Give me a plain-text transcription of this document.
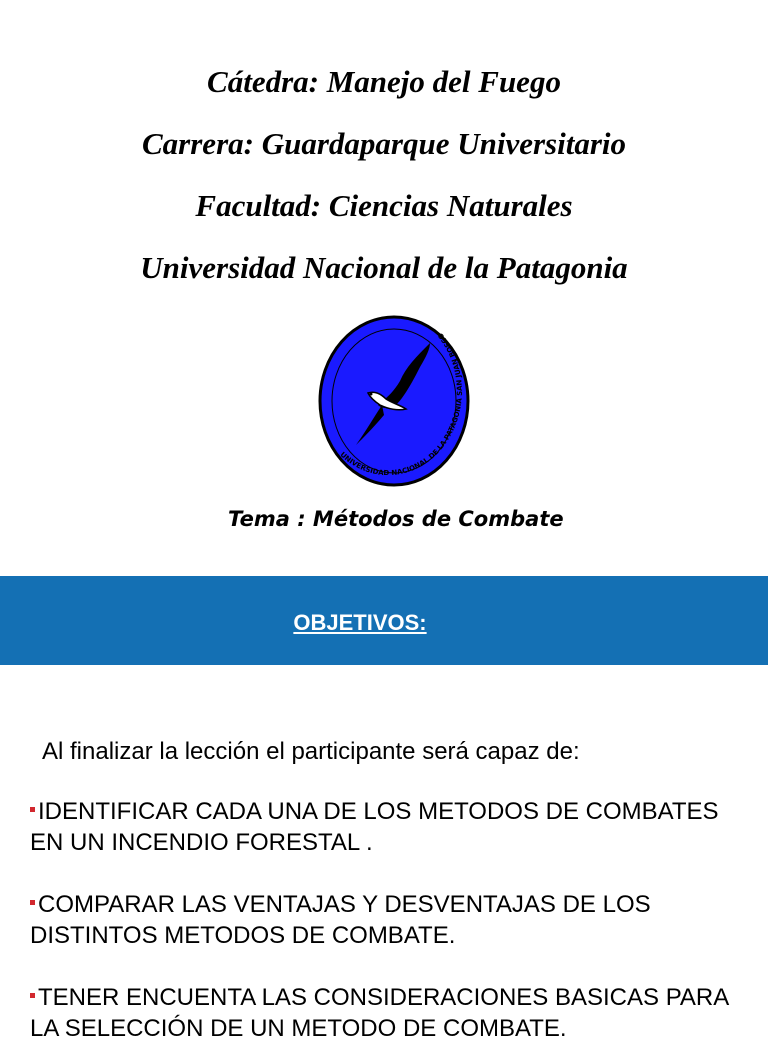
Cátedra: Manejo del Fuego
Carrera: Guardaparque Universitario
Facultad: Ciencias Naturales
Universidad Nacional de la Patagonia
UNIVERSIDAD NACIONAL DE LA PATAGONIA SAN JUAN BOSCO
Tema : Métodos de Combate
OBJETIVOS:
Al finalizar la lección el participante será capaz de:
IDENTIFICAR CADA UNA DE LOS METODOS DE COMBATES EN UN INCENDIO FORESTAL .
COMPARAR LAS VENTAJAS Y DESVENTAJAS DE LOS DISTINTOS METODOS DE COMBATE.
TENER ENCUENTA LAS CONSIDERACIONES BASICAS PARA LA SELECCIÓN DE UN METODO DE COMBATE.
